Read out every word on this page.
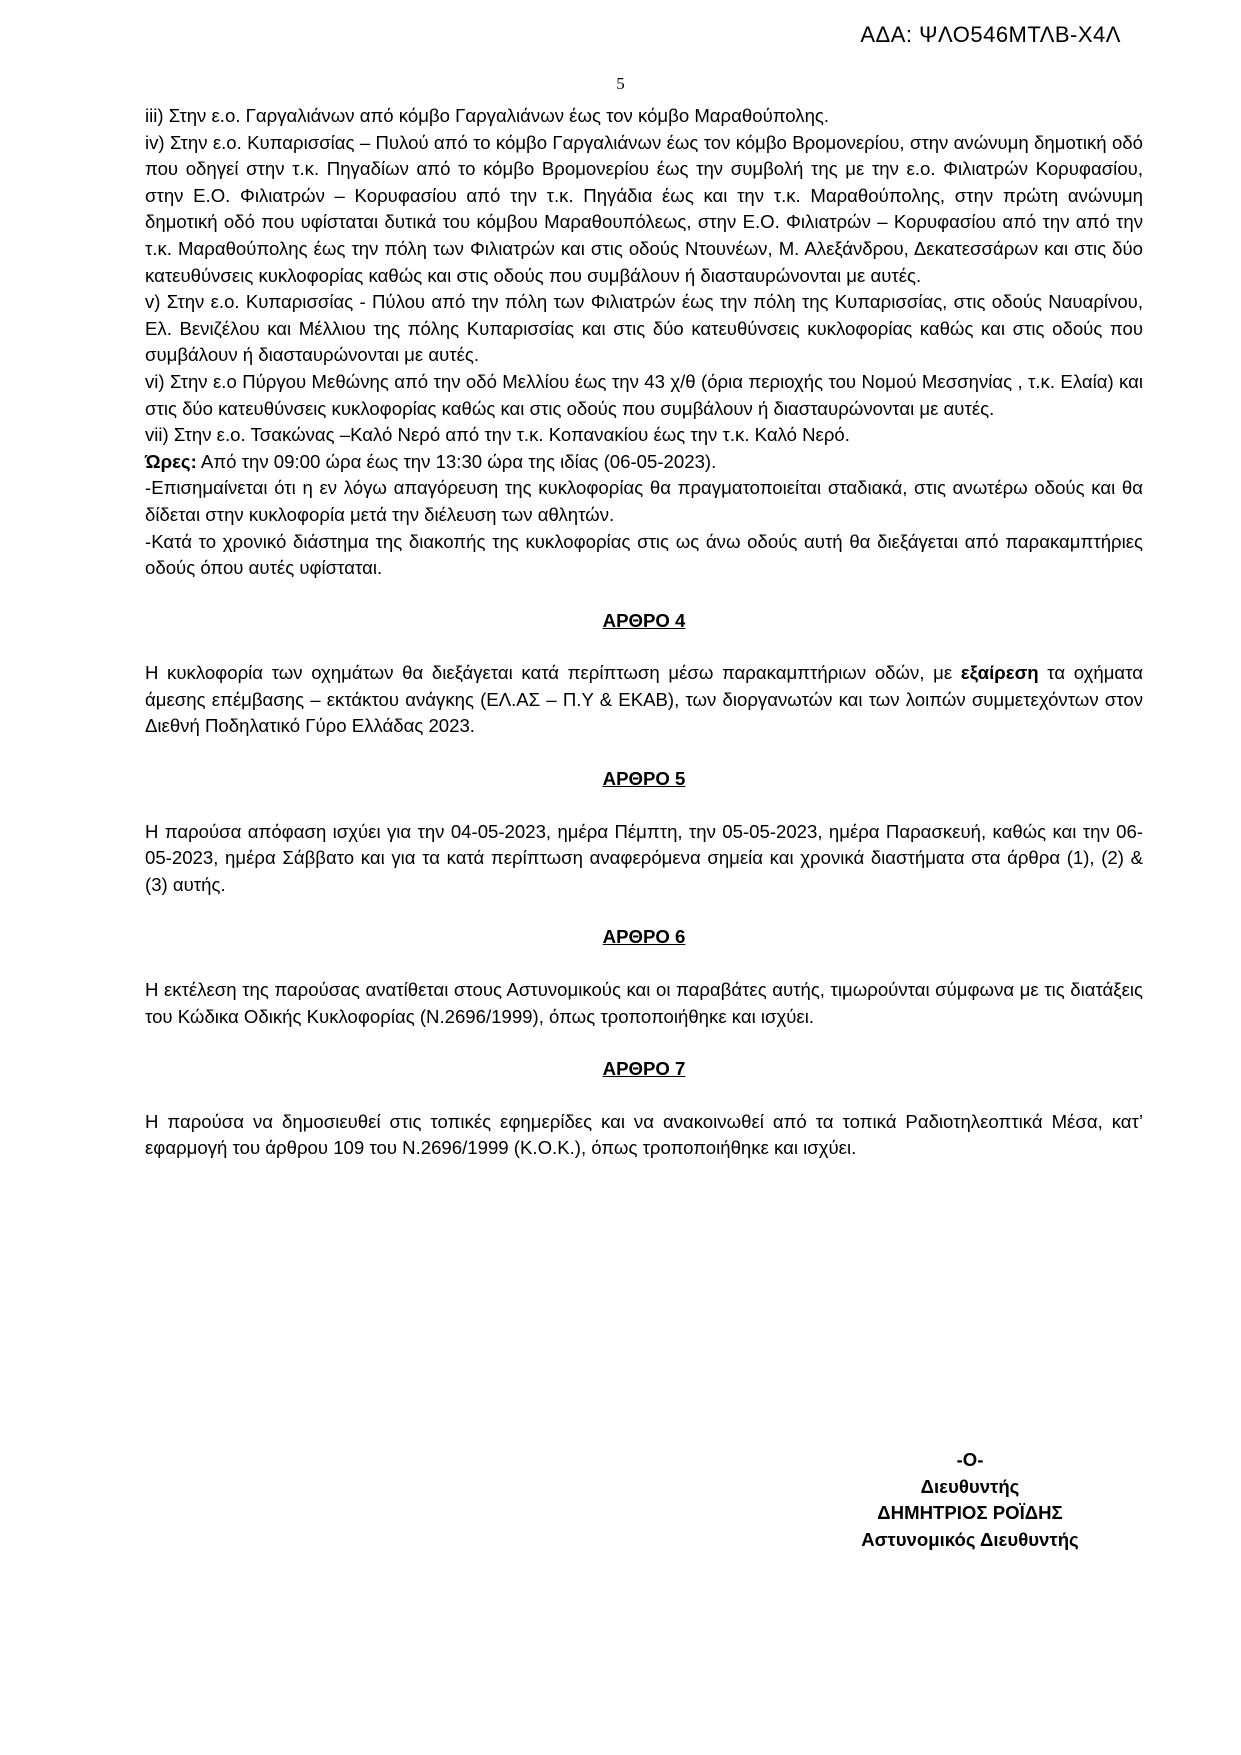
ΑΔΑ: ΨΛΟ546ΜΤΛΒ-Χ4Λ
5

iii) Στην ε.ο. Γαργαλιάνων από κόμβο Γαργαλιάνων έως τον κόμβο Μαραθούπολης.

iv) Στην ε.ο. Κυπαρισσίας – Πυλού από το κόμβο Γαργαλιάνων έως τον κόμβο Βρομονερίου, στην ανώνυμη δημοτική οδό που οδηγεί στην τ.κ. Πηγαδίων από το κόμβο Βρομονερίου έως την συμβολή της με την ε.ο. Φιλιατρών Κορυφασίου, στην Ε.Ο. Φιλιατρών – Κορυφασίου από την τ.κ. Πηγάδια έως και την τ.κ. Μαραθούπολης, στην πρώτη ανώνυμη δημοτική οδό που υφίσταται δυτικά του κόμβου Μαραθουπόλεως, στην Ε.Ο. Φιλιατρών – Κορυφασίου από την από την τ.κ. Μαραθούπολης έως την πόλη των Φιλιατρών και στις οδούς Ντουνέων, Μ. Αλεξάνδρου, Δεκατεσσάρων και στις δύο κατευθύνσεις κυκλοφορίας καθώς και στις οδούς που συμβάλουν ή διασταυρώνονται με αυτές.

v) Στην ε.ο. Κυπαρισσίας - Πύλου από την πόλη των Φιλιατρών έως την πόλη της Κυπαρισσίας, στις οδούς Ναυαρίνου, Ελ. Βενιζέλου και Μέλλιου της πόλης Κυπαρισσίας και στις δύο κατευθύνσεις κυκλοφορίας καθώς και στις οδούς που συμβάλουν ή διασταυρώνονται με αυτές.

vi) Στην ε.ο Πύργου Μεθώνης από την οδό Μελλίου έως την 43 χ/θ (όρια περιοχής του Νομού Μεσσηνίας , τ.κ. Ελαία) και στις δύο κατευθύνσεις κυκλοφορίας καθώς και στις οδούς που συμβάλουν ή διασταυρώνονται με αυτές.

vii) Στην ε.ο. Τσακώνας –Καλό Νερό από την τ.κ. Κοπανακίου έως την τ.κ. Καλό Νερό.

Ώρες: Από την 09:00 ώρα έως την 13:30 ώρα της ιδίας (06-05-2023).

-Επισημαίνεται ότι η εν λόγω απαγόρευση της κυκλοφορίας θα πραγματοποιείται σταδιακά, στις ανωτέρω οδούς και θα δίδεται στην κυκλοφορία μετά την διέλευση των αθλητών.

-Κατά το χρονικό διάστημα της διακοπής της κυκλοφορίας στις ως άνω οδούς αυτή θα διεξάγεται από παρακαμπτήριες οδούς όπου αυτές υφίσταται.

ΑΡΘΡΟ 4

Η κυκλοφορία των οχημάτων θα διεξάγεται κατά περίπτωση μέσω παρακαμπτήριων οδών, με εξαίρεση τα οχήματα άμεσης επέμβασης – εκτάκτου ανάγκης (ΕΛ.ΑΣ – Π.Υ & ΕΚΑΒ), των διοργανωτών και των λοιπών συμμετεχόντων στον Διεθνή Ποδηλατικό Γύρο Ελλάδας 2023.

ΑΡΘΡΟ 5

Η παρούσα απόφαση ισχύει για την 04-05-2023, ημέρα Πέμπτη, την 05-05-2023, ημέρα Παρασκευή, καθώς και την 06-05-2023, ημέρα Σάββατο και για τα κατά περίπτωση αναφερόμενα σημεία και χρονικά διαστήματα στα άρθρα (1), (2) & (3) αυτής.

ΑΡΘΡΟ 6

Η εκτέλεση της παρούσας ανατίθεται στους Αστυνομικούς και οι παραβάτες αυτής, τιμωρούνται σύμφωνα με τις διατάξεις του Κώδικα Οδικής Κυκλοφορίας (Ν.2696/1999), όπως τροποποιήθηκε και ισχύει.

ΑΡΘΡΟ 7

Η παρούσα να δημοσιευθεί στις τοπικές εφημερίδες και να ανακοινωθεί από τα τοπικά Ραδιοτηλεοπτικά Μέσα, κατ’ εφαρμογή του άρθρου 109 του Ν.2696/1999 (Κ.Ο.Κ.), όπως τροποποιήθηκε και ισχύει.

-Ο-
Διευθυντής
ΔΗΜΗΤΡΙΟΣ ΡΟΪΔΗΣ
Αστυνομικός Διευθυντής
